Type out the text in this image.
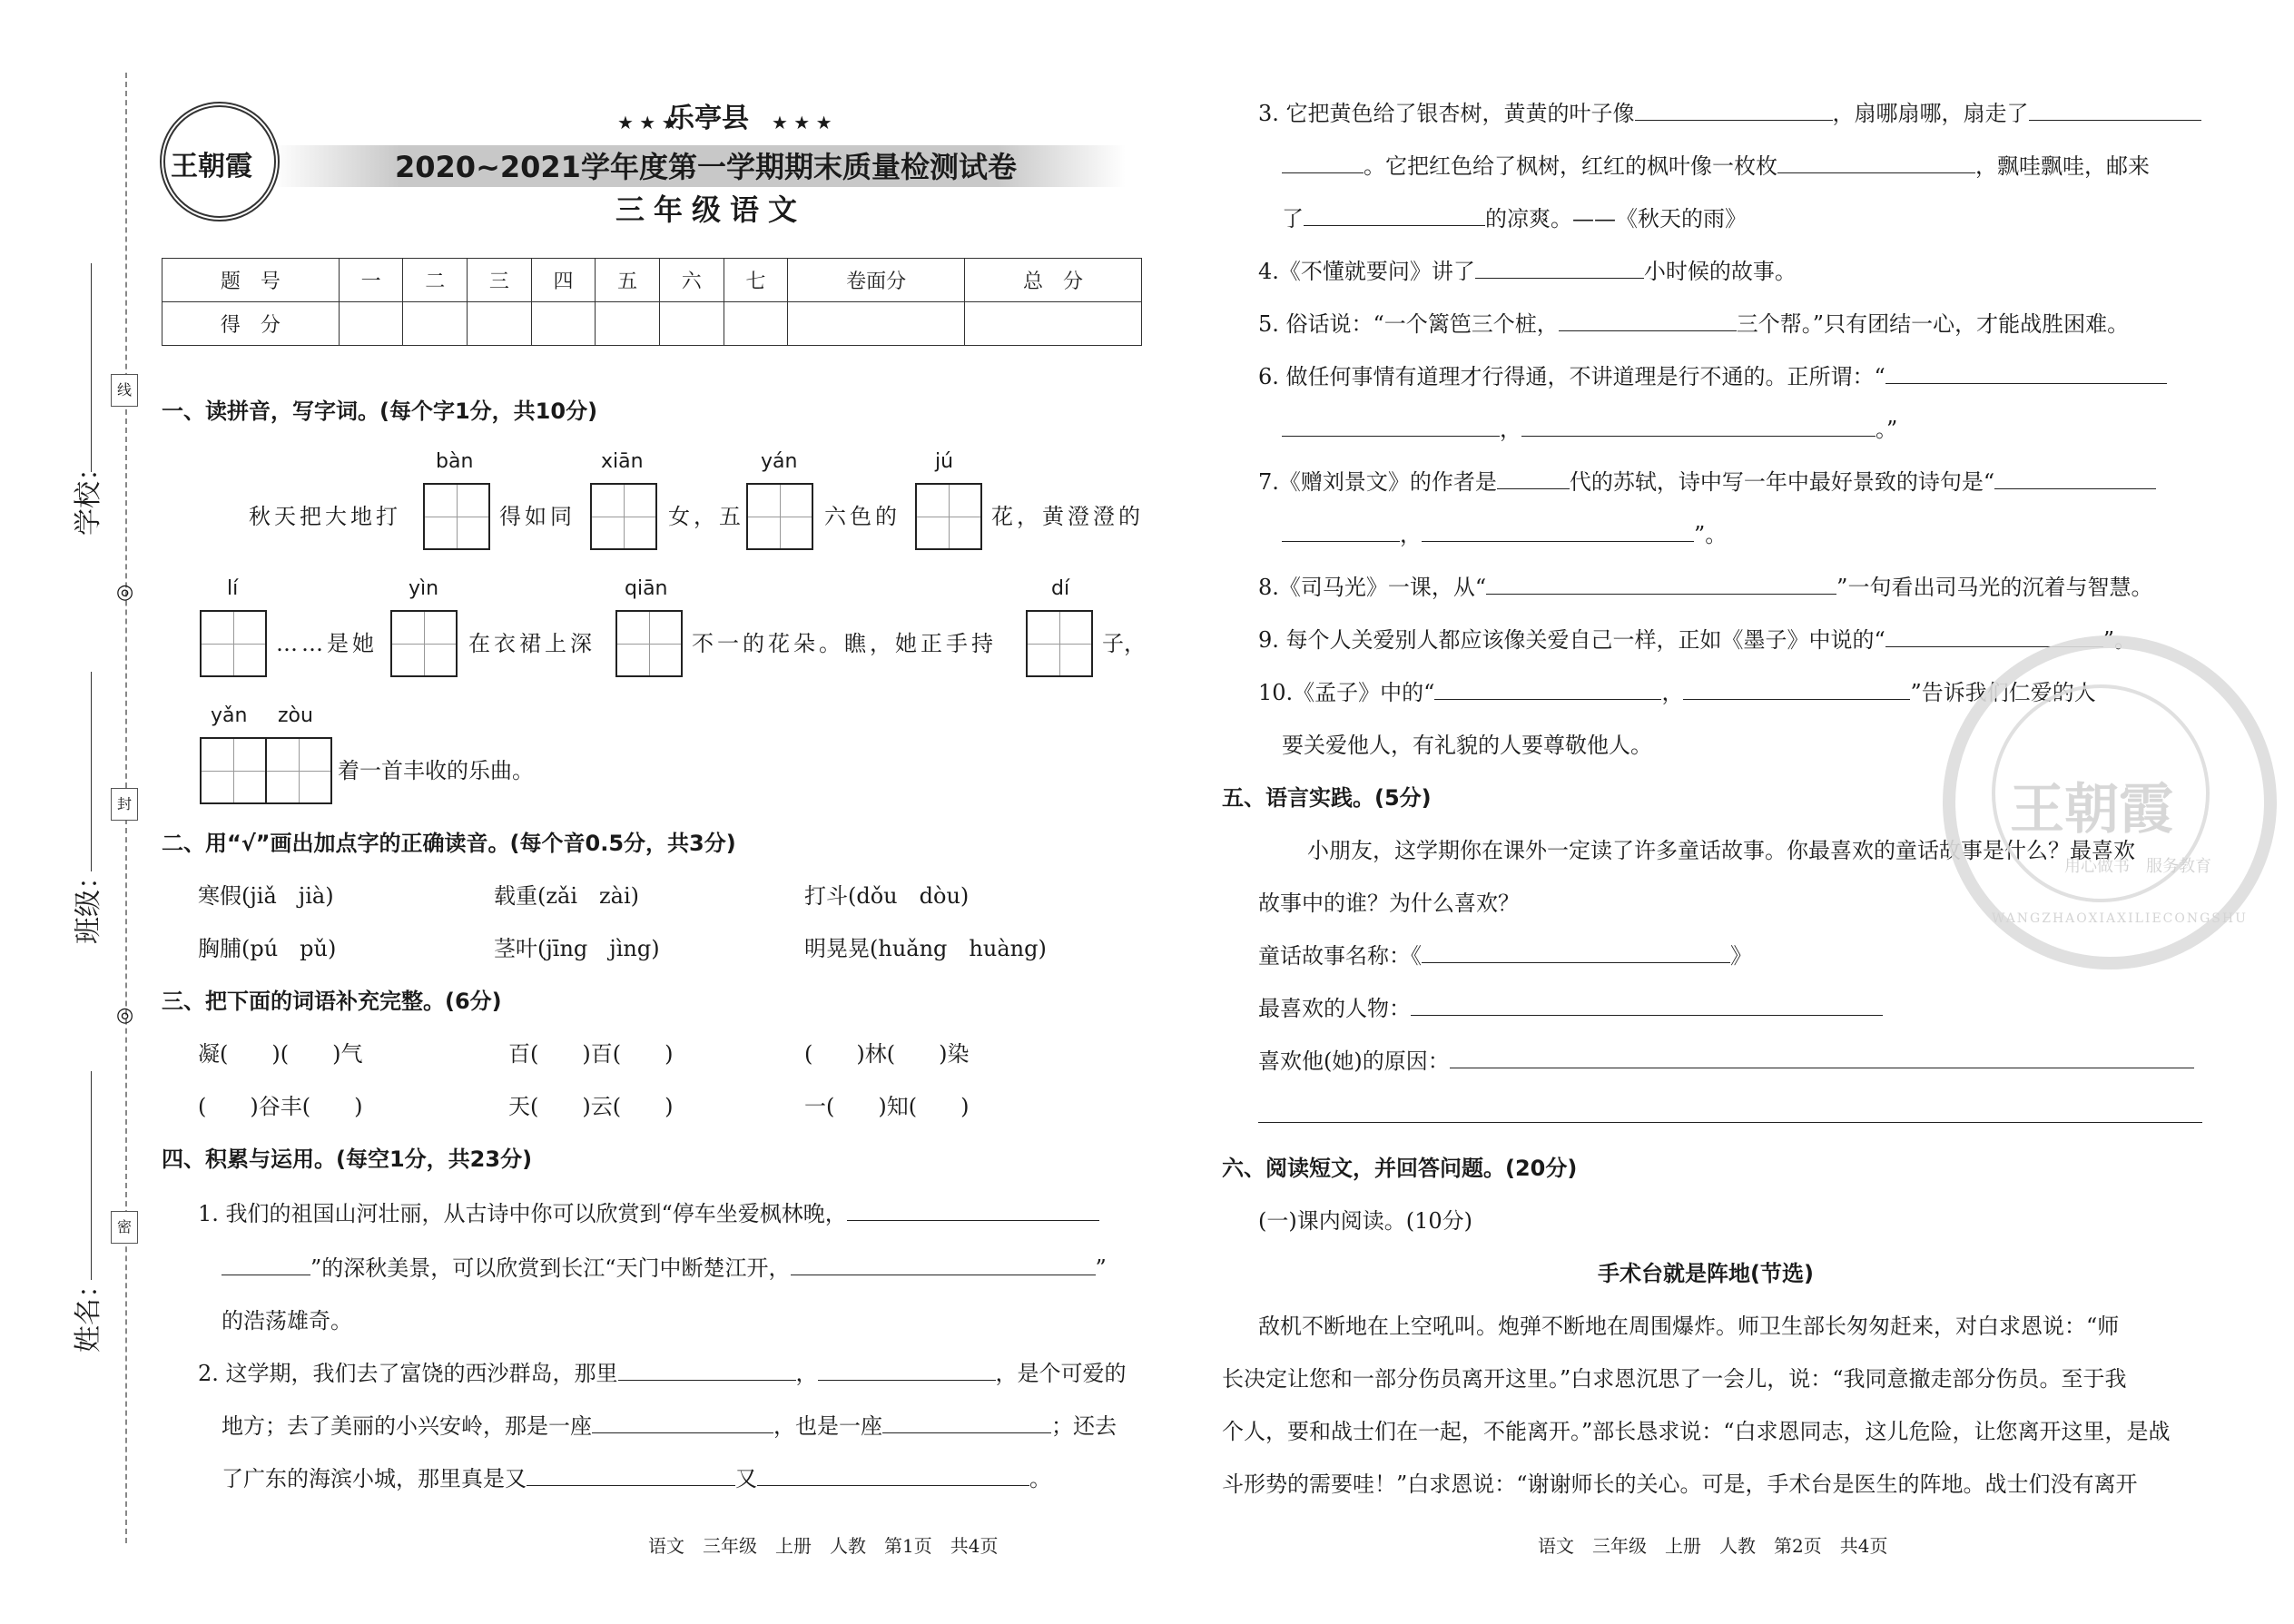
线
封
密
◎
◎
学校：
班级：
姓名：
王朝霞
★ ★ ★
乐亭县 ★ ★ ★
2020~2021学年度第一学期期末质量检测试卷
三年级语文
题　号	一	二	三	四	五	六	七	卷面分	总　分
得　分									
一、读拼音，写字词。(每个字1分，共10分)
bàn	xiān	yán	jú
秋天把大地打	得如同	女，五	六色的	花，黄澄澄的
lí	yìn	qiān	dí
……是她	在衣裙上深	不一的花朵。瞧，她正手持	子，
yǎn zòu
着一首丰收的乐曲。
二、用“√”画出加点字的正确读音。(每个音0.5分，共3分)
寒假(jiǎ　jià)	载重(zǎi　zài)	打斗(dǒu　dòu)
胸脯(pú　pǔ)	茎叶(jīng　jìng)	明晃晃(huǎng　huàng)
三、把下面的词语补充完整。(6分)
凝(　　)(　　)气	百(　　)百(　　)	(　　)林(　　)染
(　　)谷丰(　　)	天(　　)云(　　)	一(　　)知(　　)
四、积累与运用。(每空1分，共23分)
1. 我们的祖国山河壮丽，从古诗中你可以欣赏到“停车坐爱枫林晚，
”的深秋美景，可以欣赏到长江“天门中断楚江开，	”
的浩荡雄奇。
2. 这学期，我们去了富饶的西沙群岛，那里	，	，是个可爱的
地方；去了美丽的小兴安岭，那是一座	，也是一座	；还去
了广东的海滨小城，那里真是又	又	。
语文　三年级　上册　人教　第1页　共4页
3. 它把黄色给了银杏树，黄黄的叶子像	，扇哪扇哪，扇走了
。它把红色给了枫树，红红的枫叶像一枚枚	，飘哇飘哇，邮来
了	的凉爽。——《秋天的雨》
4.《不懂就要问》讲了	小时候的故事。
5. 俗话说：“一个篱笆三个桩，	三个帮。”只有团结一心，才能战胜困难。
6. 做任何事情有道理才行得通，不讲道理是行不通的。正所谓：“
，	。”
7.《赠刘景文》的作者是	代的苏轼，诗中写一年中最好景致的诗句是“
，	”。
8.《司马光》一课，从“	”一句看出司马光的沉着与智慧。
9. 每个人关爱别人都应该像关爱自己一样，正如《墨子》中说的“	”。
10.《孟子》中的“	，	”告诉我们仁爱的人
要关爱他人，有礼貌的人要尊敬他人。
五、语言实践。(5分)
小朋友，这学期你在课外一定读了许多童话故事。你最喜欢的童话故事是什么？最喜欢
故事中的谁？为什么喜欢？
童话故事名称：《	》
最喜欢的人物：
喜欢他(她)的原因：
六、阅读短文，并回答问题。(20分)
(一)课内阅读。(10分)
手术台就是阵地(节选)
敌机不断地在上空吼叫。炮弹不断地在周围爆炸。师卫生部长匆匆赶来，对白求恩说：“师
长决定让您和一部分伤员离开这里。”白求恩沉思了一会儿，说：“我同意撤走部分伤员。至于我
个人，要和战士们在一起，不能离开。”部长恳求说：“白求恩同志，这儿危险，让您离开这里，是战
斗形势的需要哇！”白求恩说：“谢谢师长的关心。可是，手术台是医生的阵地。战士们没有离开
语文　三年级　上册　人教　第2页　共4页
王朝霞
用心做书　服务教育
WANGZHAOXIAXILIECONGSHU
